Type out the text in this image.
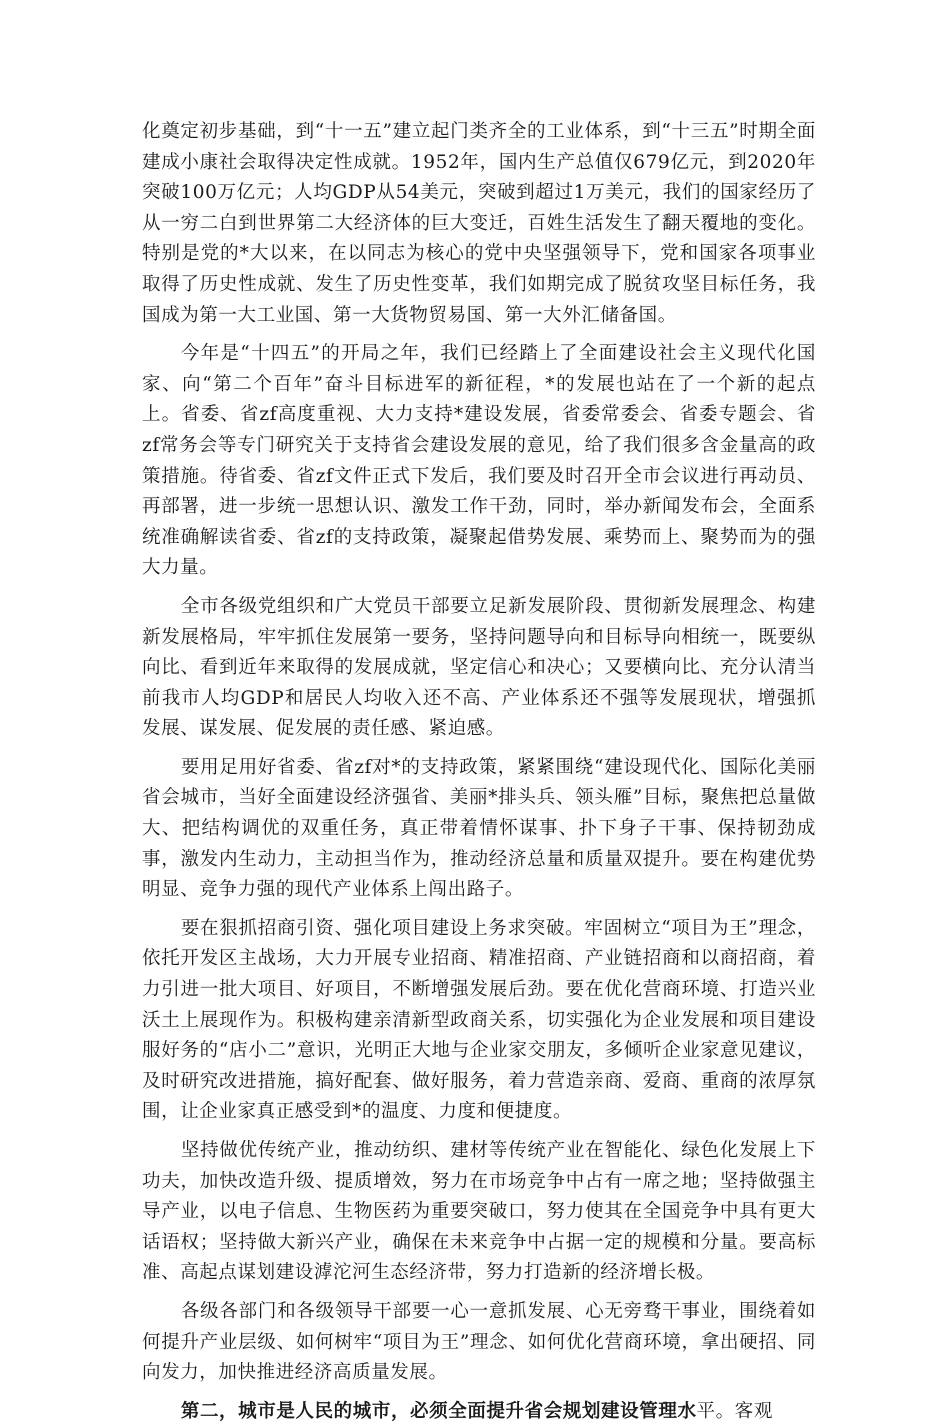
化奠定初步基础，到“十一五”建立起门类齐全的工业体系，到“十三五”时期全面建成小康社会取得决定性成就。1952年，国内生产总值仅679亿元，到2020年突破100万亿元；人均GDP从54美元，突破到超过1万美元，我们的国家经历了从一穷二白到世界第二大经济体的巨大变迁，百姓生活发生了翻天覆地的变化。特别是党的*大以来，在以同志为核心的党中央坚强领导下，党和国家各项事业取得了历史性成就、发生了历史性变革，我们如期完成了脱贫攻坚目标任务，我国成为第一大工业国、第一大货物贸易国、第一大外汇储备国。

今年是“十四五”的开局之年，我们已经踏上了全面建设社会主义现代化国家、向“第二个百年”奋斗目标进军的新征程，*的发展也站在了一个新的起点上。省委、省zf高度重视、大力支持*建设发展，省委常委会、省委专题会、省zf常务会等专门研究关于支持省会建设发展的意见，给了我们很多含金量高的政策措施。待省委、省zf文件正式下发后，我们要及时召开全市会议进行再动员、再部署，进一步统一思想认识、激发工作干劲，同时，举办新闻发布会，全面系统准确解读省委、省zf的支持政策，凝聚起借势发展、乘势而上、聚势而为的强大力量。

全市各级党组织和广大党员干部要立足新发展阶段、贯彻新发展理念、构建新发展格局，牢牢抓住发展第一要务，坚持问题导向和目标导向相统一，既要纵向比、看到近年来取得的发展成就，坚定信心和决心；又要横向比、充分认清当前我市人均GDP和居民人均收入还不高、产业体系还不强等发展现状，增强抓发展、谋发展、促发展的责任感、紧迫感。

要用足用好省委、省zf对*的支持政策，紧紧围绕“建设现代化、国际化美丽省会城市，当好全面建设经济强省、美丽*排头兵、领头雁”目标，聚焦把总量做大、把结构调优的双重任务，真正带着情怀谋事、扑下身子干事、保持韧劲成事，激发内生动力，主动担当作为，推动经济总量和质量双提升。要在构建优势明显、竞争力强的现代产业体系上闯出路子。

要在狠抓招商引资、强化项目建设上务求突破。牢固树立“项目为王”理念，依托开发区主战场，大力开展专业招商、精准招商、产业链招商和以商招商，着力引进一批大项目、好项目，不断增强发展后劲。要在优化营商环境、打造兴业沃土上展现作为。积极构建亲清新型政商关系，切实强化为企业发展和项目建设服好务的“店小二”意识，光明正大地与企业家交朋友，多倾听企业家意见建议，及时研究改进措施，搞好配套、做好服务，着力营造亲商、爱商、重商的浓厚氛围，让企业家真正感受到*的温度、力度和便捷度。

坚持做优传统产业，推动纺织、建材等传统产业在智能化、绿色化发展上下功夫，加快改造升级、提质增效，努力在市场竞争中占有一席之地；坚持做强主导产业，以电子信息、生物医药为重要突破口，努力使其在全国竞争中具有更大话语权；坚持做大新兴产业，确保在未来竞争中占据一定的规模和分量。要高标准、高起点谋划建设滹沱河生态经济带，努力打造新的经济增长极。

各级各部门和各级领导干部要一心一意抓发展、心无旁骛干事业，围绕着如何提升产业层级、如何树牢“项目为王”理念、如何优化营商环境，拿出硬招、同向发力，加快推进经济高质量发展。

第二，城市是人民的城市，必须全面提升省会规划建设管理水平。客观
